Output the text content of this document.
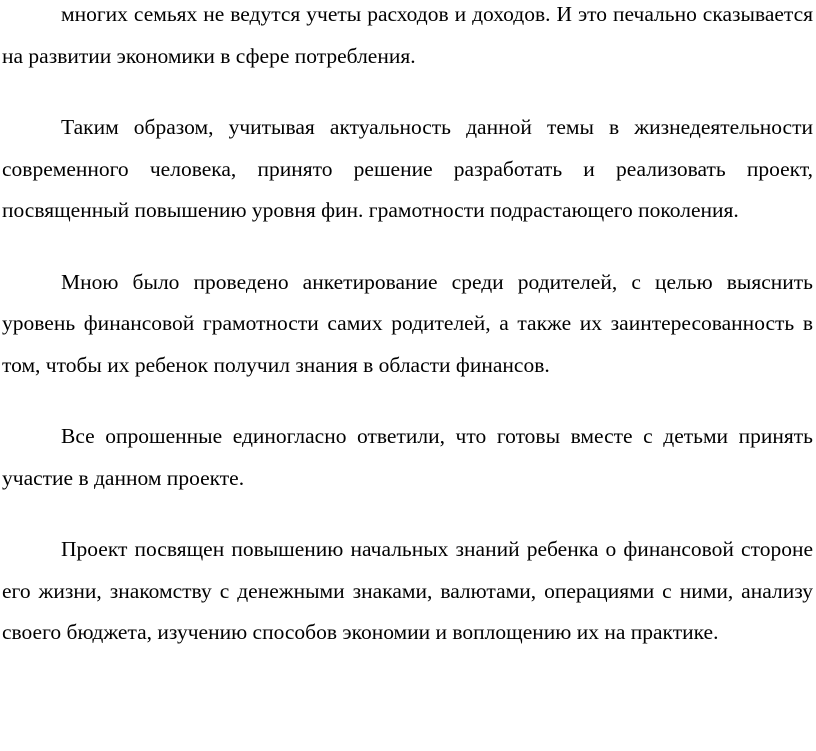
многих семьях не ведутся учеты расходов и доходов. И это печально сказывается на развитии экономики в сфере потребления.

Таким образом, учитывая актуальность данной темы в жизнедеятельности современного человека, принято решение разработать и реализовать проект, посвященный повышению уровня фин. грамотности подрастающего поколения.

Мною было проведено анкетирование среди родителей, с целью выяснить уровень финансовой грамотности самих родителей, а также их заинтересованность в том, чтобы их ребенок получил знания в области финансов.

Все опрошенные единогласно ответили, что готовы вместе с детьми принять участие в данном проекте.

Проект посвящен повышению начальных знаний ребенка о финансовой стороне его жизни, знакомству с денежными знаками, валютами, операциями с ними, анализу своего бюджета, изучению способов экономии и воплощению их на практике.
